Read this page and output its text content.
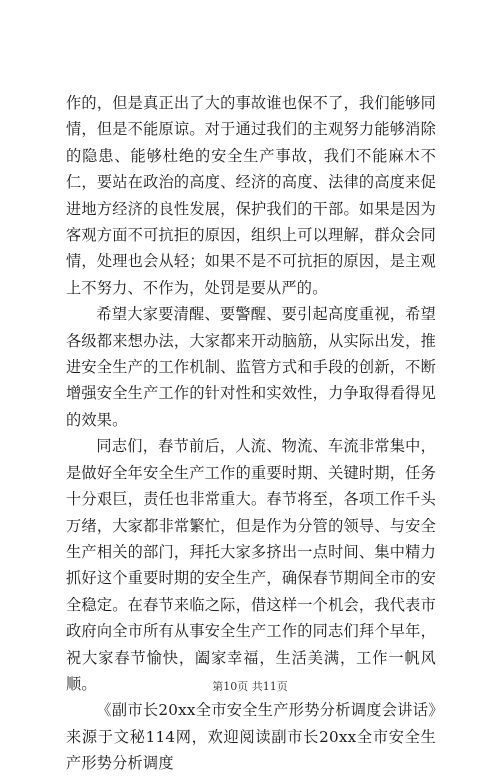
作的，但是真正出了大的事故谁也保不了，我们能够同情，但是不能原谅。对于通过我们的主观努力能够消除的隐患、能够杜绝的安全生产事故，我们不能麻木不仁，要站在政治的高度、经济的高度、法律的高度来促进地方经济的良性发展，保护我们的干部。如果是因为客观方面不可抗拒的原因，组织上可以理解，群众会同情，处理也会从轻；如果不是不可抗拒的原因，是主观上不努力、不作为，处罚是要从严的。

希望大家要清醒、要警醒、要引起高度重视，希望各级都来想办法，大家都来开动脑筋，从实际出发，推进安全生产的工作机制、监管方式和手段的创新，不断增强安全生产工作的针对性和实效性，力争取得看得见的效果。

同志们，春节前后，人流、物流、车流非常集中，是做好全年安全生产工作的重要时期、关键时期，任务十分艰巨，责任也非常重大。春节将至，各项工作千头万绪，大家都非常繁忙，但是作为分管的领导、与安全生产相关的部门，拜托大家多挤出一点时间、集中精力抓好这个重要时期的安全生产，确保春节期间全市的安全稳定。在春节来临之际，借这样一个机会，我代表市政府向全市所有从事安全生产工作的同志们拜个早年，祝大家春节愉快，阖家幸福，生活美满，工作一帆风顺。

《副市长20xx全市安全生产形势分析调度会讲话》来源于文秘114网，欢迎阅读副市长20xx全市安全生产形势分析调度

第10页 共11页
